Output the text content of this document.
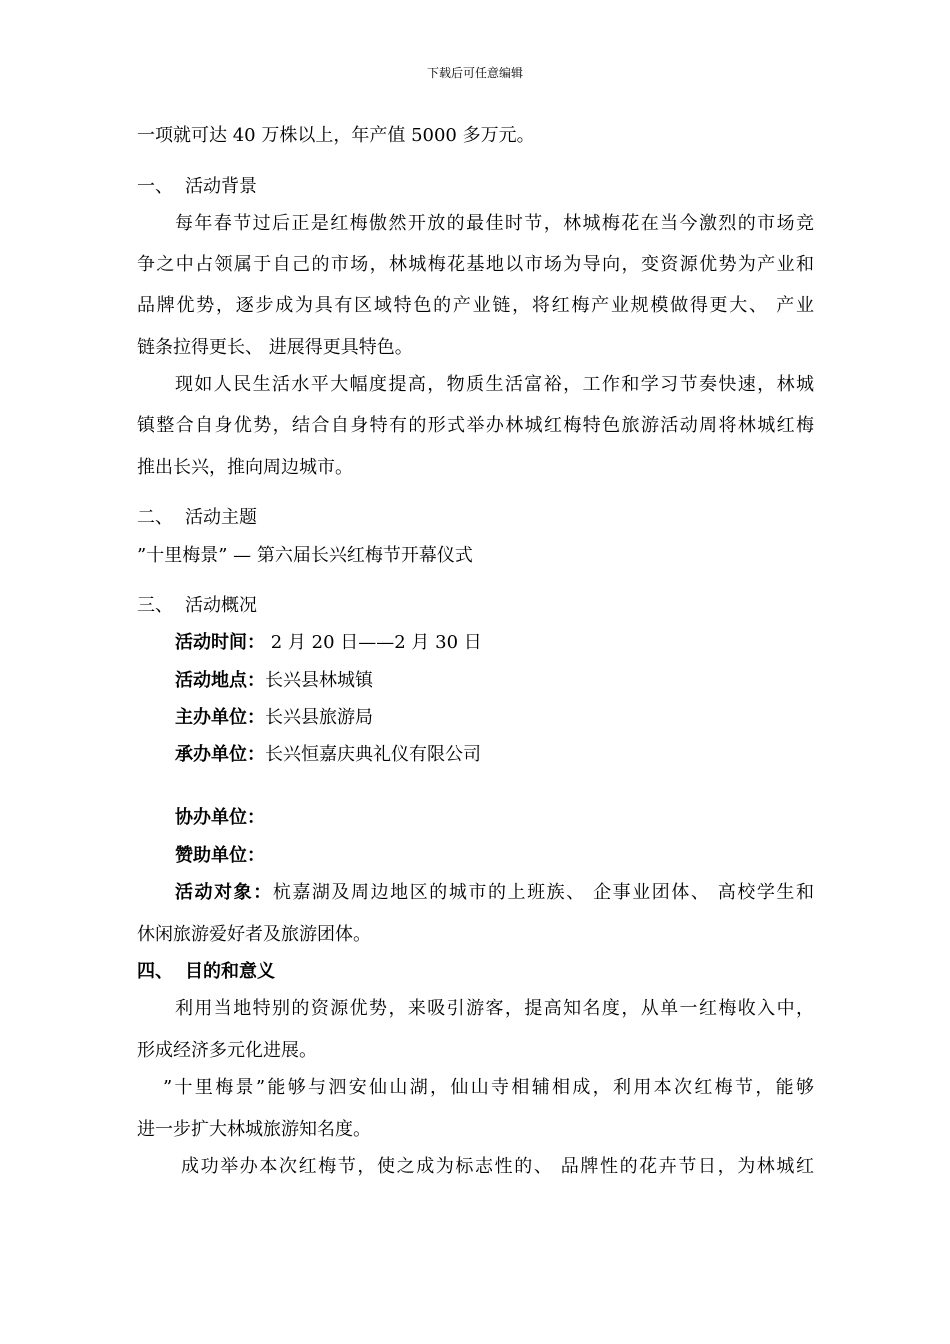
下载后可任意编辑
一项就可达 40 万株以上，年产值 5000 多万元。
一、 活动背景
每年春节过后正是红梅傲然开放的最佳时节，林城梅花在当今激烈的市场竞
争之中占领属于自己的市场，林城梅花基地以市场为导向，变资源优势为产业和
品牌优势，逐步成为具有区域特色的产业链，将红梅产业规模做得更大、 产业
链条拉得更长、 进展得更具特色。
现如人民生活水平大幅度提高，物质生活富裕，工作和学习节奏快速，林城
镇整合自身优势，结合自身特有的形式举办林城红梅特色旅游活动周将林城红梅
推出长兴，推向周边城市。
二、 活动主题
”十里梅景” — 第六届长兴红梅节开幕仪式
三、 活动概况
活动时间： 2 月 20 日——2 月 30 日
活动地点：长兴县林城镇
主办单位：长兴县旅游局
承办单位：长兴恒嘉庆典礼仪有限公司
协办单位：
赞助单位：
活动对象：杭嘉湖及周边地区的城市的上班族、 企事业团体、 高校学生和
休闲旅游爱好者及旅游团体。
四、 目的和意义
利用当地特别的资源优势，来吸引游客，提高知名度，从单一红梅收入中，
形成经济多元化进展。
”十里梅景”能够与泗安仙山湖，仙山寺相辅相成，利用本次红梅节，能够
进一步扩大林城旅游知名度。
成功举办本次红梅节，使之成为标志性的、 品牌性的花卉节日，为林城红
